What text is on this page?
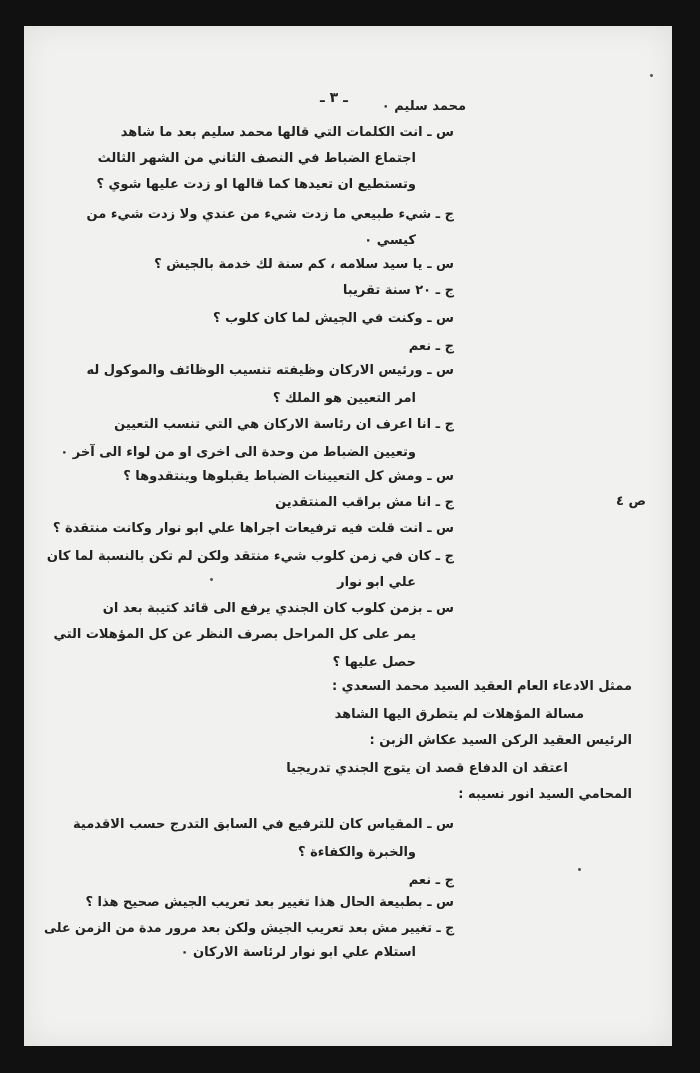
ـ ٣ ـ
ص ٤
محمد سليم ٠
س ـ انت الكلمات التي قالها محمد سليم بعد ما شاهد
اجتماع الضباط في النصف الثاني من الشهر الثالث
وتستطيع ان تعيدها كما قالها او زدت عليها شوي ؟
ج ـ شيء طبيعي ما زدت شيء من عندي ولا زدت شيء من
كيسي ٠
س ـ يا سيد سلامه ، كم سنة لك خدمة بالجيش ؟
ج ـ ٢٠ سنة تقريبا
س ـ وكنت في الجيش لما كان كلوب ؟
ج ـ نعم
س ـ ورئيس الاركان وظيفته تنسيب الوظائف والموكول له
امر التعيين هو الملك ؟
ج ـ انا اعرف ان رئاسة الاركان هي التي تنسب التعيين
وتعيين الضباط من وحدة الى اخرى او من لواء الى آخر ٠
س ـ ومش كل التعيينات الضباط يقبلوها وينتقدوها ؟
ج ـ انا مش براقب المنتقدين
س ـ انت قلت فيه ترفيعات اجراها علي ابو نوار وكانت منتقدة ؟
ج ـ كان في زمن كلوب شيء منتقد ولكن لم تكن بالنسبة لما كان
علي ابو نوار
س ـ بزمن كلوب كان الجندي يرفع الى قائد كتيبة بعد ان
يمر على كل المراحل بصرف النظر عن كل المؤهلات التي
حصل عليها ؟
ممثل الادعاء العام العقيد السيد محمد السعدي :
مسالة المؤهلات لم يتطرق اليها الشاهد
الرئيس العقيد الركن السيد عكاش الزبن :
اعتقد ان الدفاع قصد ان يتوج الجندي تدريجيا
المحامي السيد انور نسيبه :
س ـ المقياس كان للترفيع في السابق التدرج حسب الاقدمية
والخبرة والكفاءة ؟
ج ـ نعم
س ـ بطبيعة الحال هذا تغيير بعد تعريب الجيش صحيح هذا ؟
ج ـ تغيير مش بعد تعريب الجيش ولكن بعد مرور مدة من الزمن على
استلام علي ابو نوار لرئاسة الاركان ٠
